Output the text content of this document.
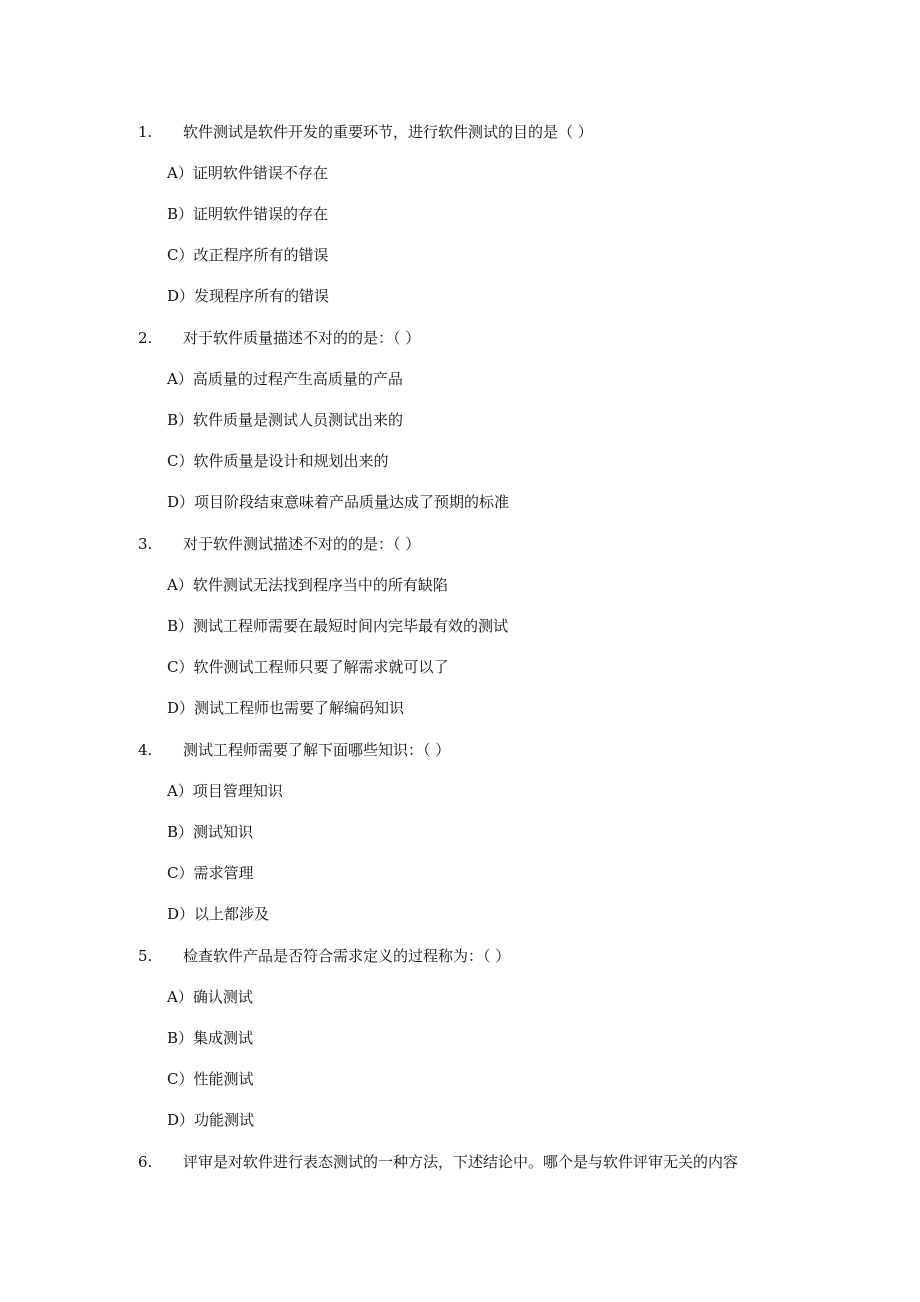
1. 软件测试是软件开发的重要环节，进行软件测试的目的是（ ）
A）证明软件错误不存在
B）证明软件错误的存在
C）改正程序所有的错误
D）发现程序所有的错误
2. 对于软件质量描述不对的的是：（ ）
A）高质量的过程产生高质量的产品
B）软件质量是测试人员测试出来的
C）软件质量是设计和规划出来的
D）项目阶段结束意味着产品质量达成了预期的标准
3. 对于软件测试描述不对的的是：（ ）
A）软件测试无法找到程序当中的所有缺陷
B）测试工程师需要在最短时间内完毕最有效的测试
C）软件测试工程师只要了解需求就可以了
D）测试工程师也需要了解编码知识
4. 测试工程师需要了解下面哪些知识：（ ）
A）项目管理知识
B）测试知识
C）需求管理
D）以上都涉及
5. 检查软件产品是否符合需求定义的过程称为：（ ）
A）确认测试
B）集成测试
C）性能测试
D）功能测试
6. 评审是对软件进行表态测试的一种方法，下述结论中。哪个是与软件评审无关的内容
